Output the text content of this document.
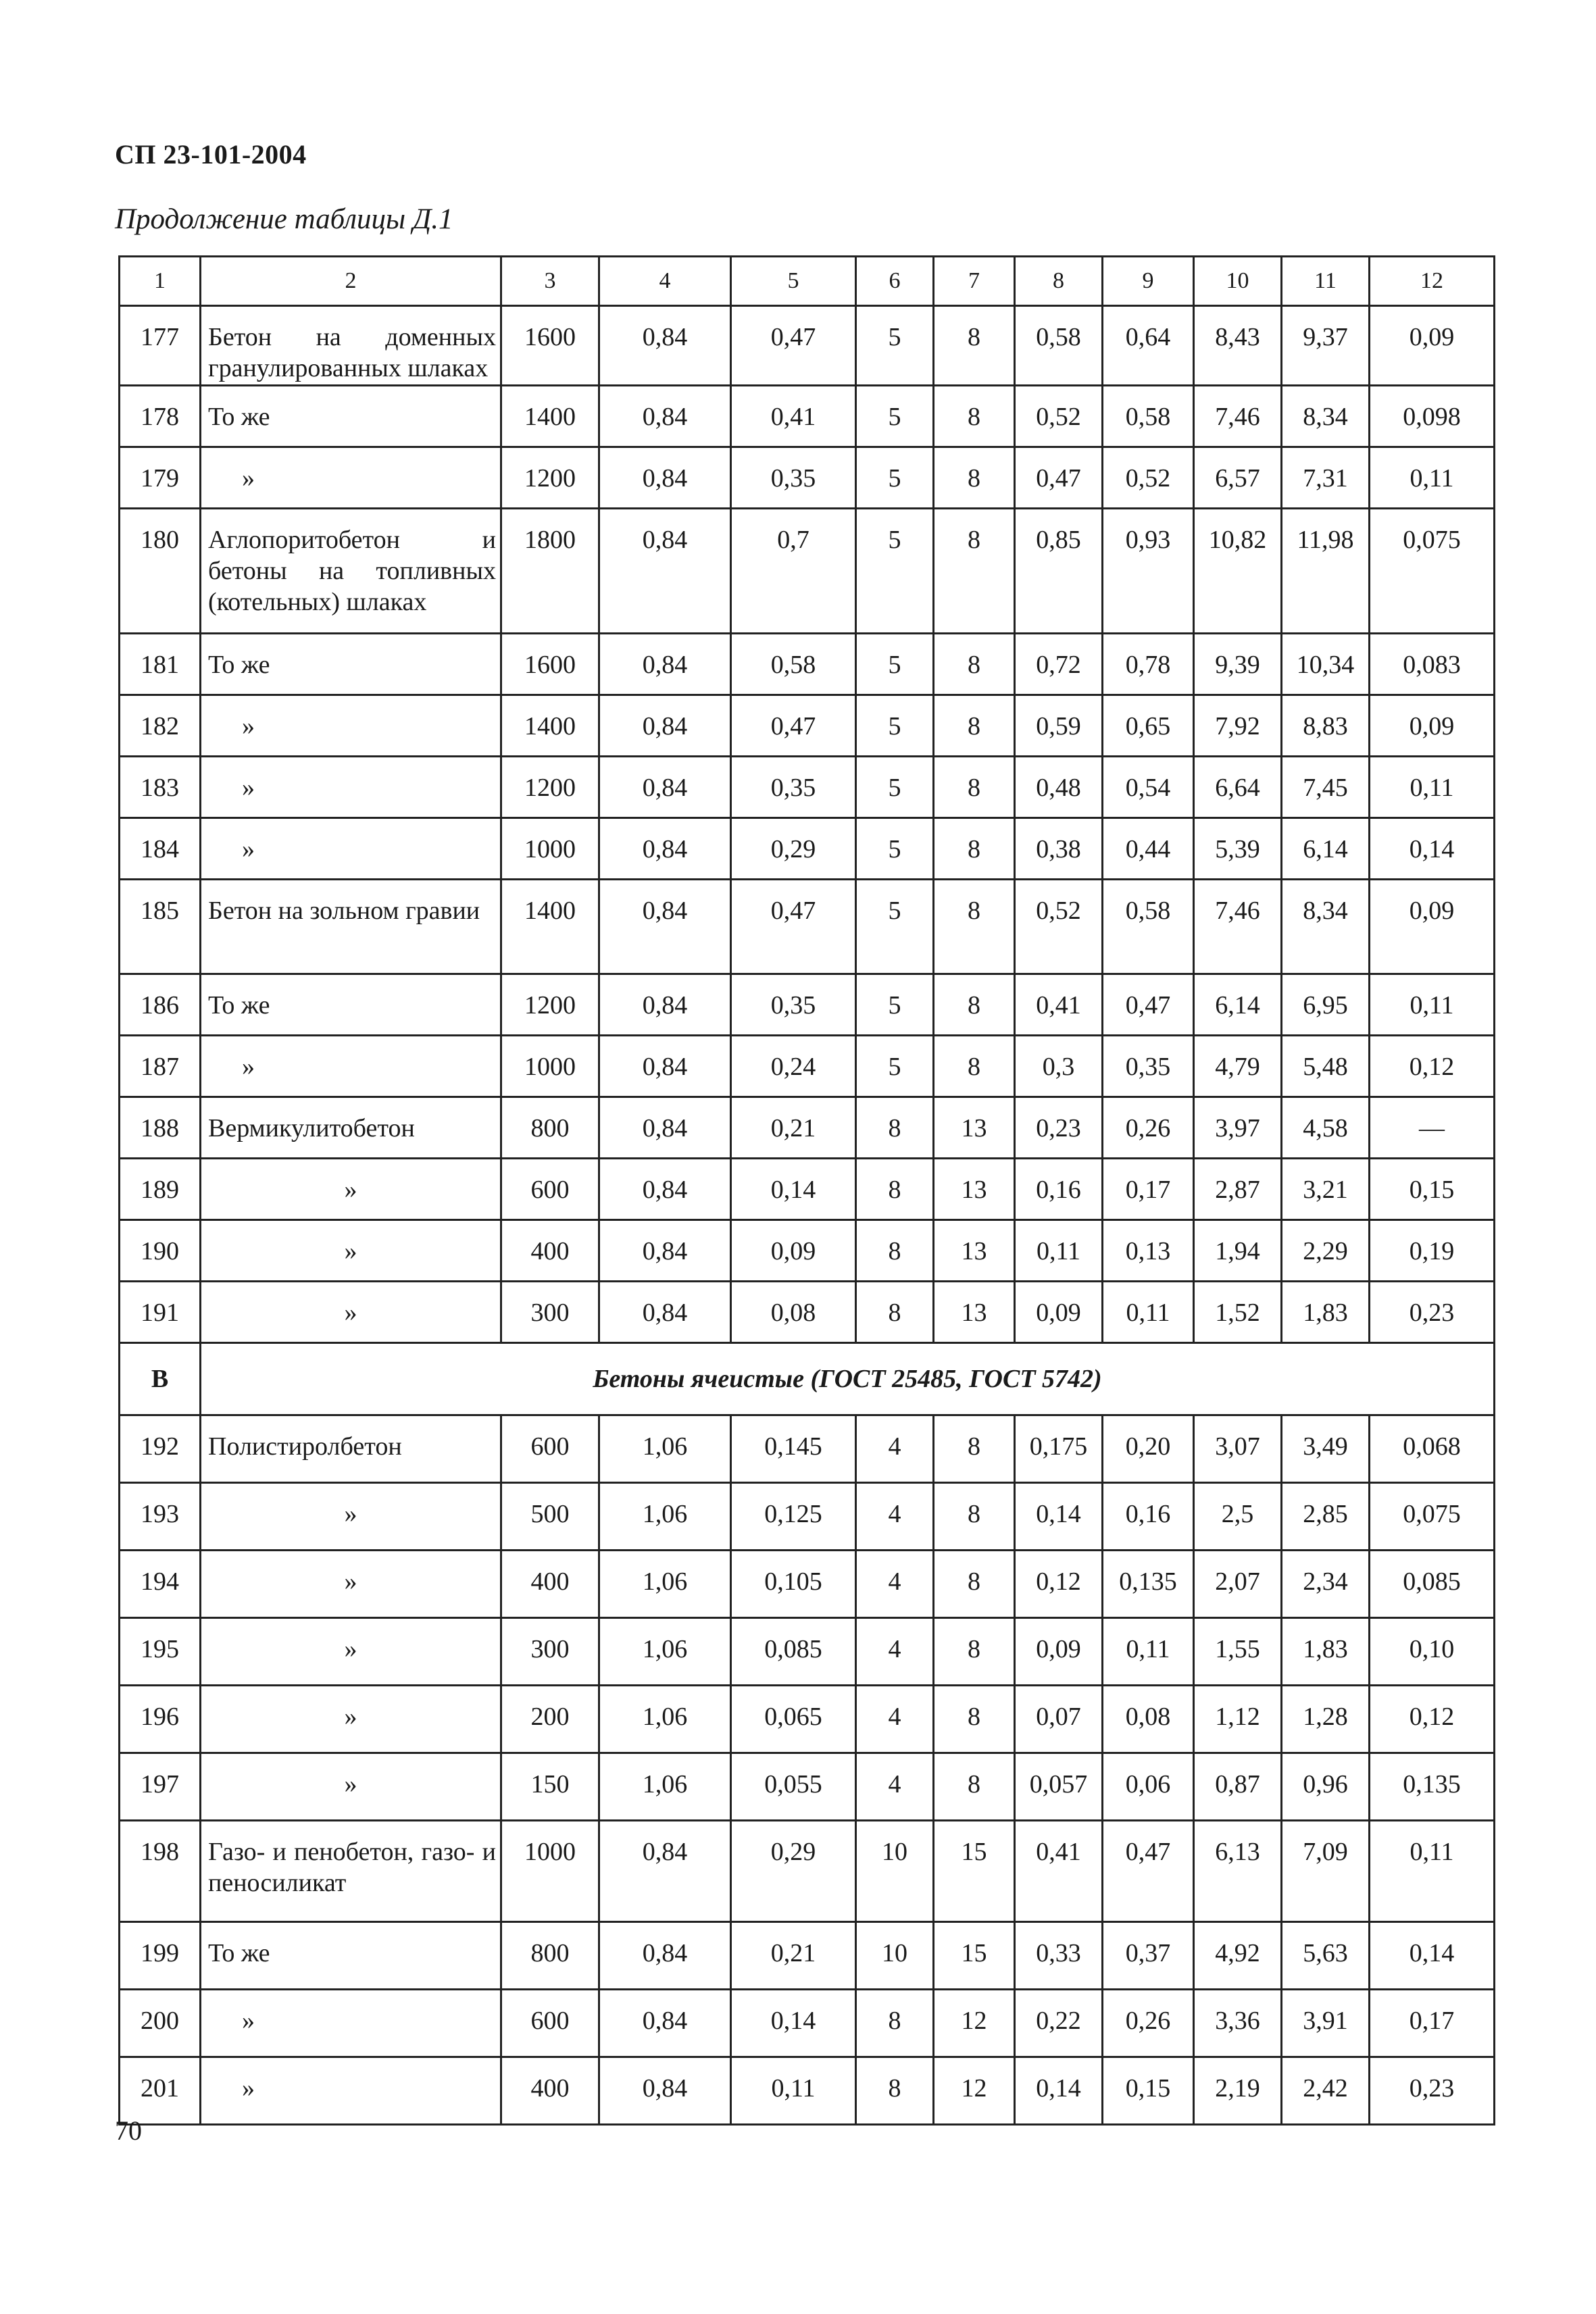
СП 23-101-2004
Продолжение таблицы Д.1
1	2	3	4	5	6	7	8	9	10	11	12
177	Бетон на доменных гранулированных шлаках	1600	0,84	0,47	5	8	0,58	0,64	8,43	9,37	0,09
178	То же	1400	0,84	0,41	5	8	0,52	0,58	7,46	8,34	0,098
179	»	1200	0,84	0,35	5	8	0,47	0,52	6,57	7,31	0,11
180	Аглопоритобетон и бетоны на топливных (котельных) шлаках	1800	0,84	0,7	5	8	0,85	0,93	10,82	11,98	0,075
181	То же	1600	0,84	0,58	5	8	0,72	0,78	9,39	10,34	0,083
182	»	1400	0,84	0,47	5	8	0,59	0,65	7,92	8,83	0,09
183	»	1200	0,84	0,35	5	8	0,48	0,54	6,64	7,45	0,11
184	»	1000	0,84	0,29	5	8	0,38	0,44	5,39	6,14	0,14
185	Бетон на зольном гравии	1400	0,84	0,47	5	8	0,52	0,58	7,46	8,34	0,09
186	То же	1200	0,84	0,35	5	8	0,41	0,47	6,14	6,95	0,11
187	»	1000	0,84	0,24	5	8	0,3	0,35	4,79	5,48	0,12
188	Вермикулитобетон	800	0,84	0,21	8	13	0,23	0,26	3,97	4,58	—
189	»	600	0,84	0,14	8	13	0,16	0,17	2,87	3,21	0,15
190	»	400	0,84	0,09	8	13	0,11	0,13	1,94	2,29	0,19
191	»	300	0,84	0,08	8	13	0,09	0,11	1,52	1,83	0,23
В	Бетоны ячеистые (ГОСТ 25485, ГОСТ 5742)										
192	Полистиролбетон	600	1,06	0,145	4	8	0,175	0,20	3,07	3,49	0,068
193	»	500	1,06	0,125	4	8	0,14	0,16	2,5	2,85	0,075
194	»	400	1,06	0,105	4	8	0,12	0,135	2,07	2,34	0,085
195	»	300	1,06	0,085	4	8	0,09	0,11	1,55	1,83	0,10
196	»	200	1,06	0,065	4	8	0,07	0,08	1,12	1,28	0,12
197	»	150	1,06	0,055	4	8	0,057	0,06	0,87	0,96	0,135
198	Газо- и пенобетон, газо- и пеносиликат	1000	0,84	0,29	10	15	0,41	0,47	6,13	7,09	0,11
199	То же	800	0,84	0,21	10	15	0,33	0,37	4,92	5,63	0,14
200	»	600	0,84	0,14	8	12	0,22	0,26	3,36	3,91	0,17
201	»	400	0,84	0,11	8	12	0,14	0,15	2,19	2,42	0,23
70
